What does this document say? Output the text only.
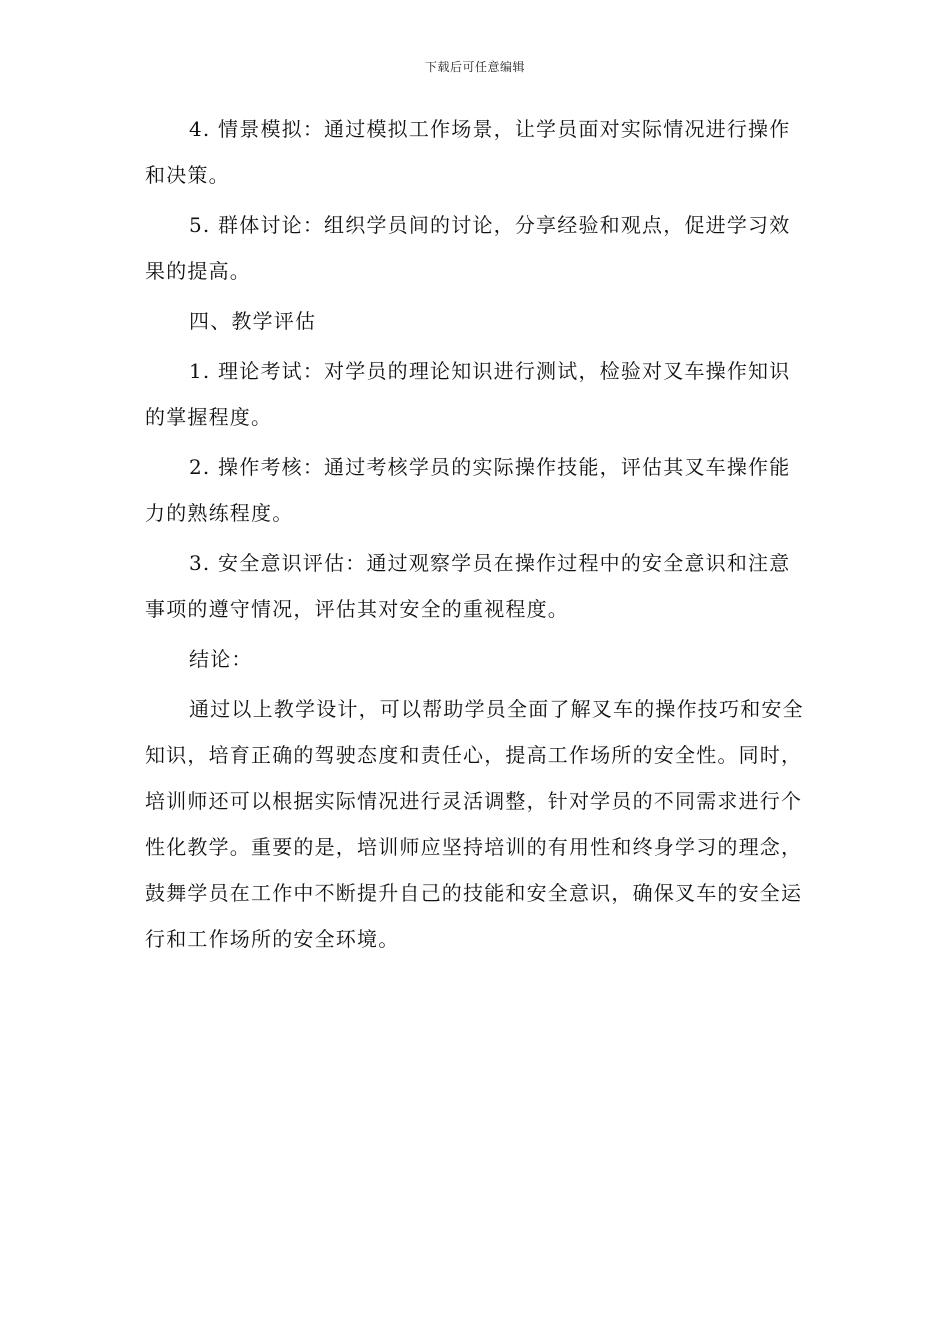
下载后可任意编辑

4. 情景模拟：通过模拟工作场景，让学员面对实际情况进行操作和决策。

5. 群体讨论：组织学员间的讨论，分享经验和观点，促进学习效果的提高。

四、教学评估

1. 理论考试：对学员的理论知识进行测试，检验对叉车操作知识的掌握程度。

2. 操作考核：通过考核学员的实际操作技能，评估其叉车操作能力的熟练程度。

3. 安全意识评估：通过观察学员在操作过程中的安全意识和注意事项的遵守情况，评估其对安全的重视程度。

结论：

通过以上教学设计，可以帮助学员全面了解叉车的操作技巧和安全知识，培育正确的驾驶态度和责任心，提高工作场所的安全性。同时，培训师还可以根据实际情况进行灵活调整，针对学员的不同需求进行个性化教学。重要的是，培训师应坚持培训的有用性和终身学习的理念，鼓舞学员在工作中不断提升自己的技能和安全意识，确保叉车的安全运行和工作场所的安全环境。
